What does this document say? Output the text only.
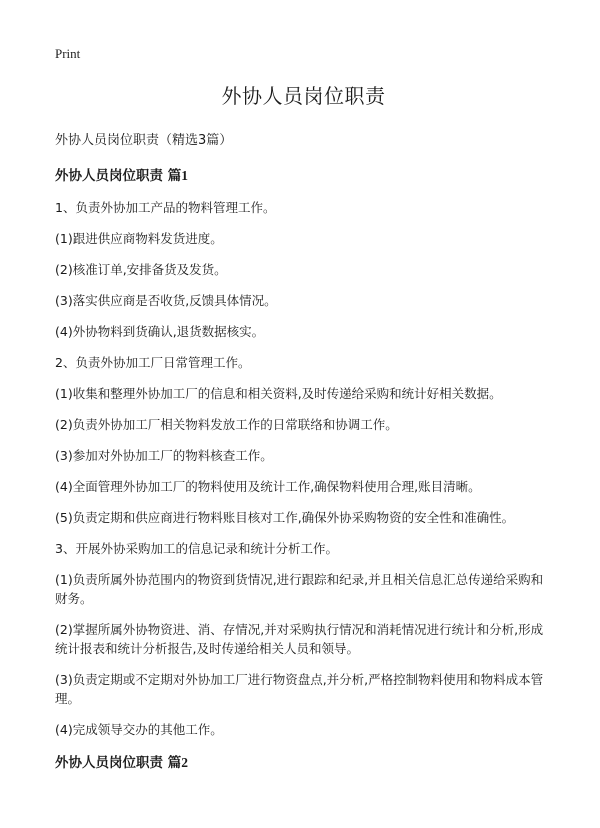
Print
外协人员岗位职责
外协人员岗位职责（精选3篇）
外协人员岗位职责 篇1

1、负责外协加工产品的物料管理工作。

(1)跟进供应商物料发货进度。

(2)核准订单,安排备货及发货。

(3)落实供应商是否收货,反馈具体情况。

(4)外协物料到货确认,退货数据核实。

2、负责外协加工厂日常管理工作。

(1)收集和整理外协加工厂的信息和相关资料,及时传递给采购和统计好相关数据。

(2)负责外协加工厂相关物料发放工作的日常联络和协调工作。

(3)参加对外协加工厂的物料核查工作。

(4)全面管理外协加工厂的物料使用及统计工作,确保物料使用合理,账目清晰。

(5)负责定期和供应商进行物料账目核对工作,确保外协采购物资的安全性和准确性。

3、开展外协采购加工的信息记录和统计分析工作。

(1)负责所属外协范围内的物资到货情况,进行跟踪和纪录,并且相关信息汇总传递给采购和财务。

(2)掌握所属外协物资进、消、存情况,并对采购执行情况和消耗情况进行统计和分析,形成统计报表和统计分析报告,及时传递给相关人员和领导。

(3)负责定期或不定期对外协加工厂进行物资盘点,并分析,严格控制物料使用和物料成本管理。

(4)完成领导交办的其他工作。

外协人员岗位职责 篇2
